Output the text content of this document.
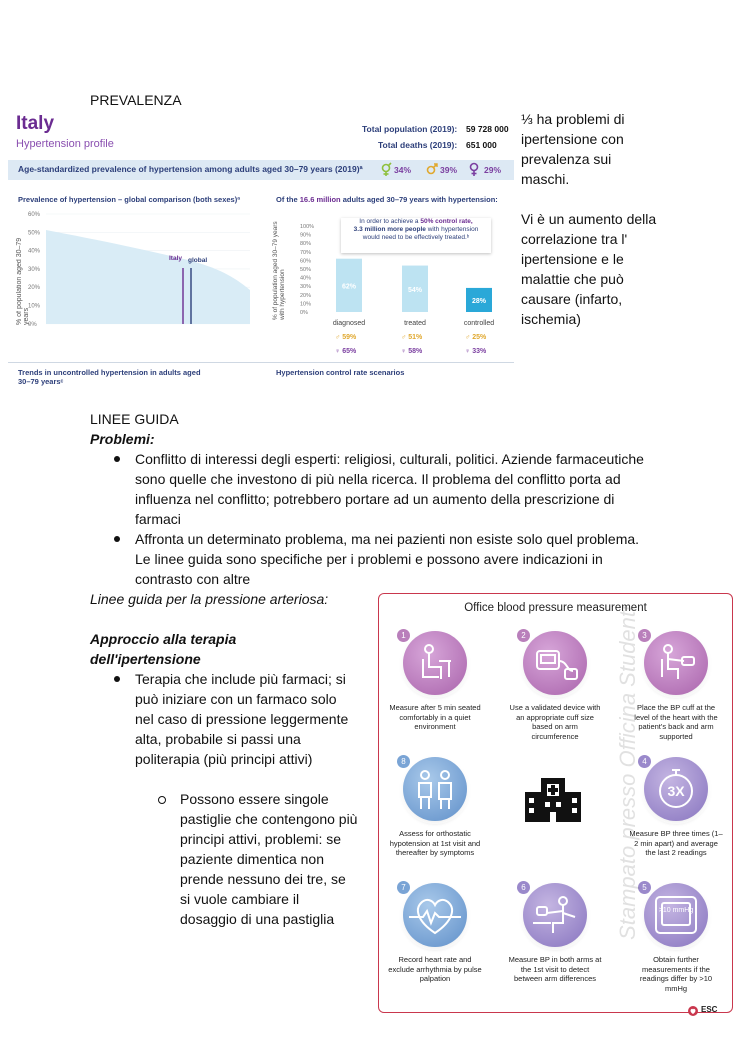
PREVALENZA
⅓ ha problemi di ipertensione con prevalenza sui maschi.
Vi è un aumento della correlazione tra l' ipertensione e le malattie che può causare (infarto, ischemia)
Italy
Hypertension profile
Total population (2019): 59 728 000
Total deaths (2019): 651 000
Age-standardized prevalence of hypertension among adults aged 30–79 years (2019)ª	34%	39%	29%
Prevalence of hypertension – global comparison (both sexes)ª
% of population aged 30–79 years
60%
50%
40%
30%
20%
10%
0%
Italy global
Of the 16.6 million adults aged 30–79 years with hypertension:
% of population aged 30–79 years with hypertension
100%
90%
80%
70%
60%
50%
40%
30%
20%
10%
0%
62%	54%
28%
In order to achieve a 50% control rate,
3.3 million more people with hypertension
would need to be effectively treated.ᵇ
diagnosed
♂ 59%
♀ 65%
treated
♂ 51%
♀ 58%
controlled
♂ 25%
♀ 33%
Trends in uncontrolled hypertension in adults aged 30–79 yearsᶜ
Hypertension control rate scenarios
LINEE GUIDA
Problemi:
Conflitto di interessi degli esperti: religiosi, culturali, politici. Aziende farmaceutiche sono quelle che investono di più nella ricerca. Il problema del conflitto porta ad influenza nel conflitto; potrebbero portare ad un aumento della prescrizione di farmaci
Affronta un determinato problema, ma nei pazienti non esiste solo quel problema. Le linee guida sono specifiche per i problemi e possono avere indicazioni in contrasto con altre
Linee guida per la pressione arteriosa:
Approccio alla terapia dell'ipertensione
Terapia che include più farmaci; si può iniziare con un farmaco solo nel caso di pressione leggermente alta, probabile si passi una politerapia (più principi attivi)
Possono essere singole pastiglie che contengono più principi attivi, problemi: se paziente dimentica non prende nessuno dei tre, se si vuole cambiare il dosaggio di una pastiglia
Office blood pressure measurement
1
Measure after 5 min seated comfortably in a quiet environment
2
Use a validated device with an appropriate cuff size based on arm circumference
3
Place the BP cuff at the level of the heart with the patient's back and arm supported
8
Assess for orthostatic hypotension at 1st visit and thereafter by symptoms
4
3X
Measure BP three times (1–2 min apart) and average the last 2 readings
7
Record heart rate and exclude arrhythmia by pulse palpation
6
Measure BP in both arms at the 1st visit to detect between arm differences
5
>10 mmHg
Obtain further measurements if the readings differ by >10 mmHg
ESC
Stampato presso Officina Studenti
